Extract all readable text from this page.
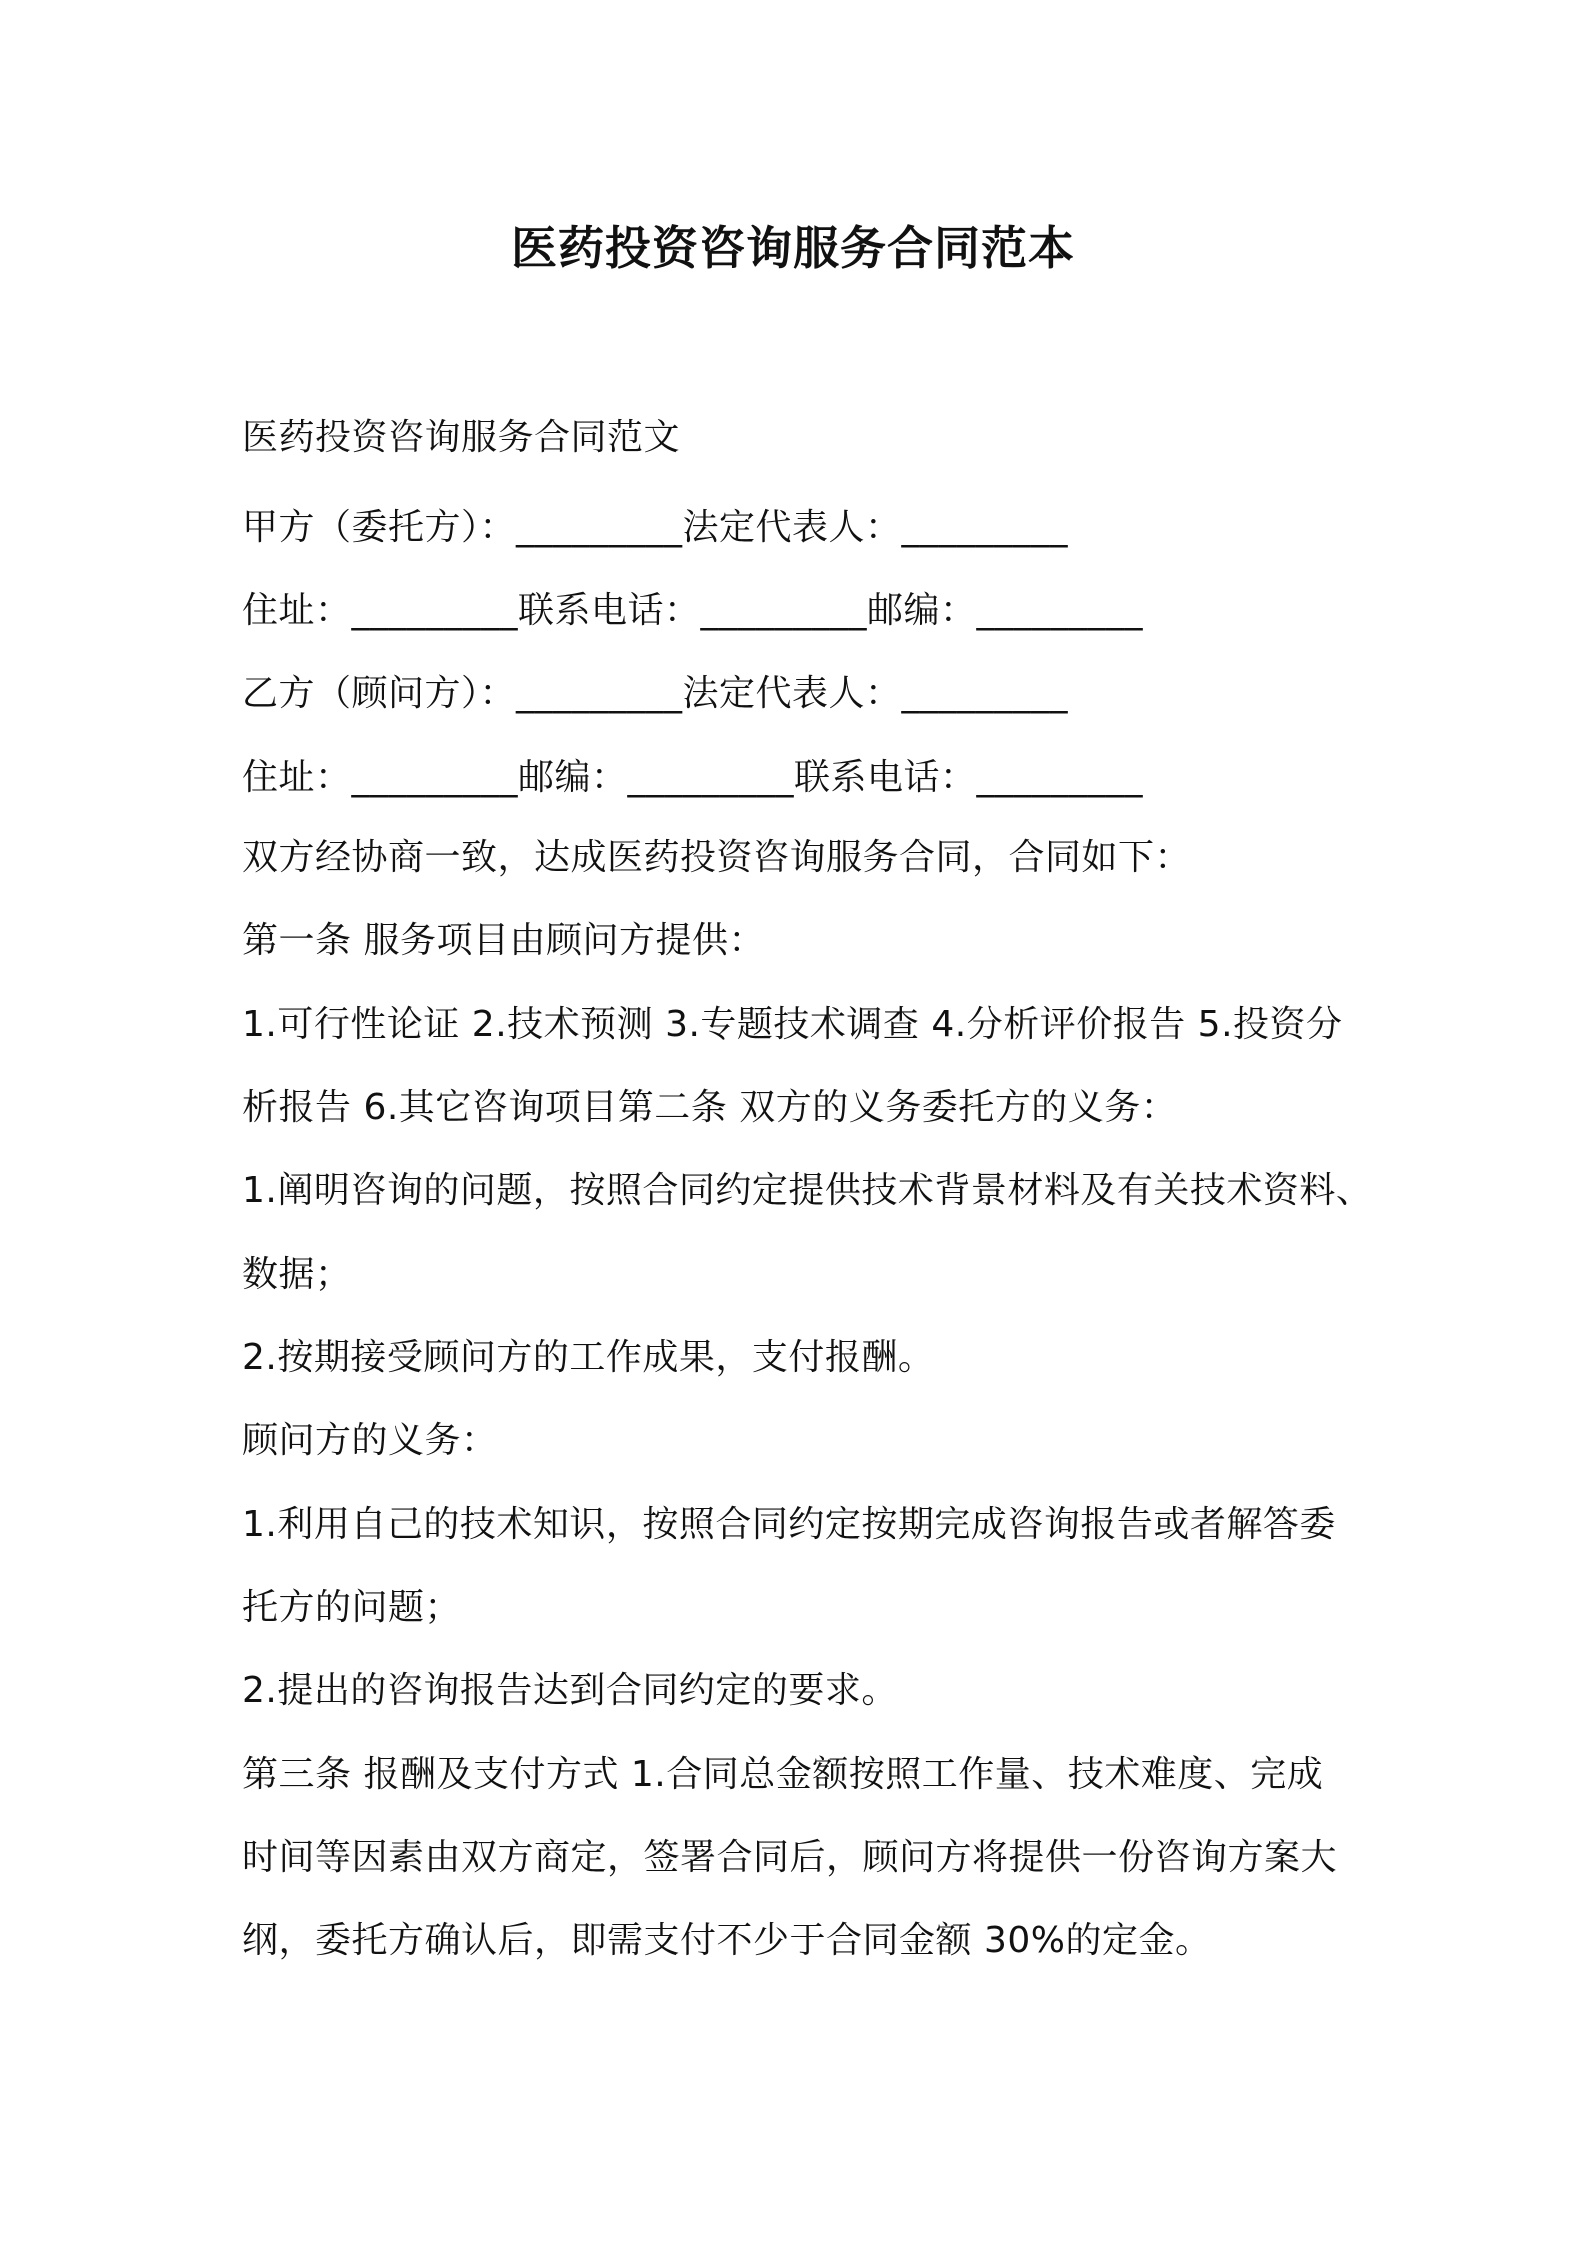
医药投资咨询服务合同范本
医药投资咨询服务合同范文
甲方（委托方）：_________法定代表人：_________
住址：_________联系电话：_________邮编：_________
乙方（顾问方）：_________法定代表人：_________
住址：_________邮编：_________联系电话：_________
双方经协商一致，达成医药投资咨询服务合同，合同如下：
第一条 服务项目由顾问方提供：
1.可行性论证 2.技术预测 3.专题技术调查 4.分析评价报告 5.投资分
析报告 6.其它咨询项目第二条 双方的义务委托方的义务：
1.阐明咨询的问题，按照合同约定提供技术背景材料及有关技术资料、
数据；
2.按期接受顾问方的工作成果，支付报酬。
顾问方的义务：
1.利用自己的技术知识，按照合同约定按期完成咨询报告或者解答委
托方的问题；
2.提出的咨询报告达到合同约定的要求。
第三条 报酬及支付方式 1.合同总金额按照工作量、技术难度、完成
时间等因素由双方商定，签署合同后，顾问方将提供一份咨询方案大
纲，委托方确认后，即需支付不少于合同金额 30%的定金。
